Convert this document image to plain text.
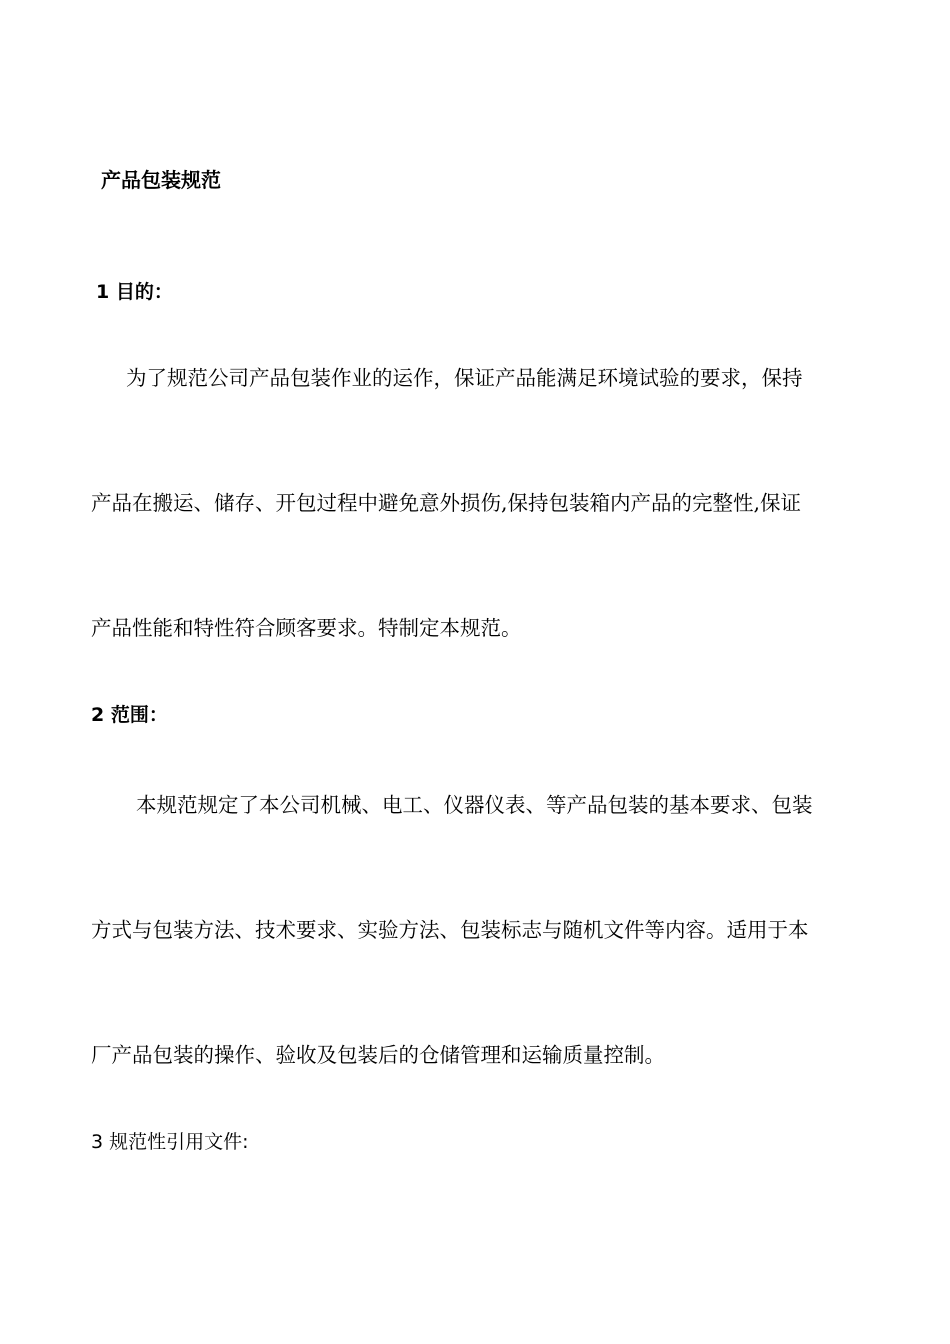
产品包装规范
1 目的：
为了规范公司产品包装作业的运作，保证产品能满足环境试验的要求，保持
产品在搬运、储存、开包过程中避免意外损伤,保持包装箱内产品的完整性,保证
产品性能和特性符合顾客要求。特制定本规范。
2 范围：
本规范规定了本公司机械、电工、仪器仪表、等产品包装的基本要求、包装
方式与包装方法、技术要求、实验方法、包装标志与随机文件等内容。适用于本
厂产品包装的操作、验收及包装后的仓储管理和运输质量控制。
3 规范性引用文件:
